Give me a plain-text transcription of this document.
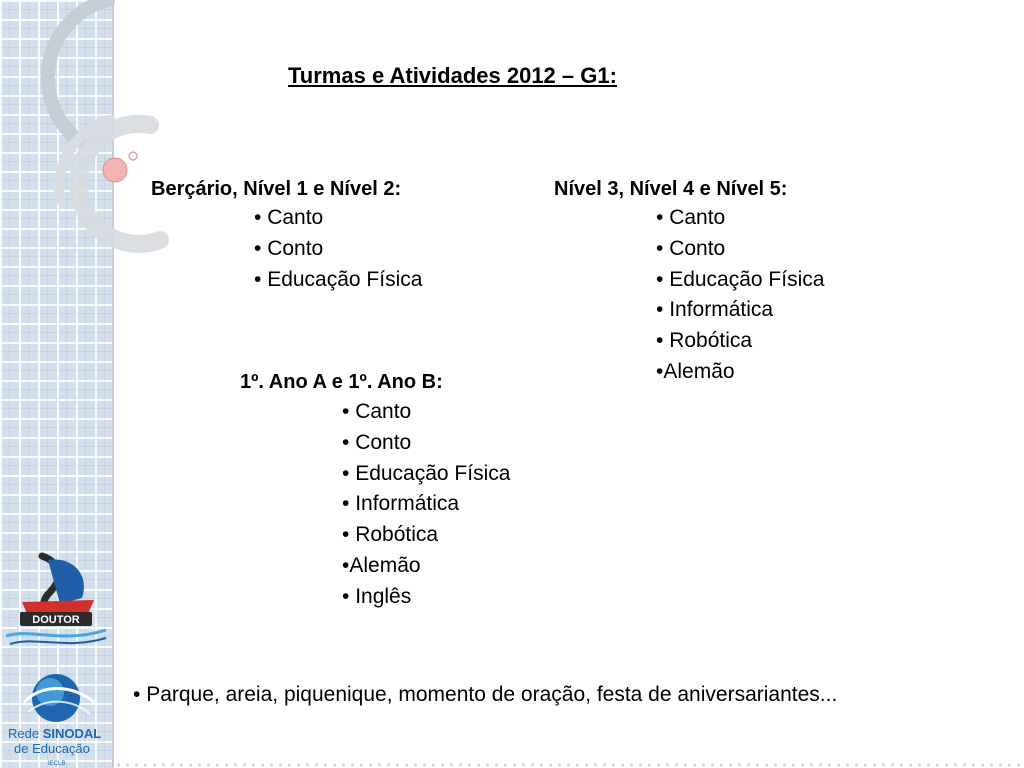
Turmas e Atividades 2012 – G1:
Berçário, Nível 1 e Nível 2:
• Canto
• Conto
• Educação Física
Nível 3, Nível 4 e Nível 5:
• Canto
• Conto
• Educação Física
• Informática
• Robótica
• Alemão
1º. Ano A e 1º. Ano B:
• Canto
• Conto
• Educação Física
• Informática
• Robótica
• Alemão
• Inglês
• Parque, areia, piquenique, momento de oração, festa de aniversariantes...
DOUTOR
Rede SINODAL
de Educação
IECLB
